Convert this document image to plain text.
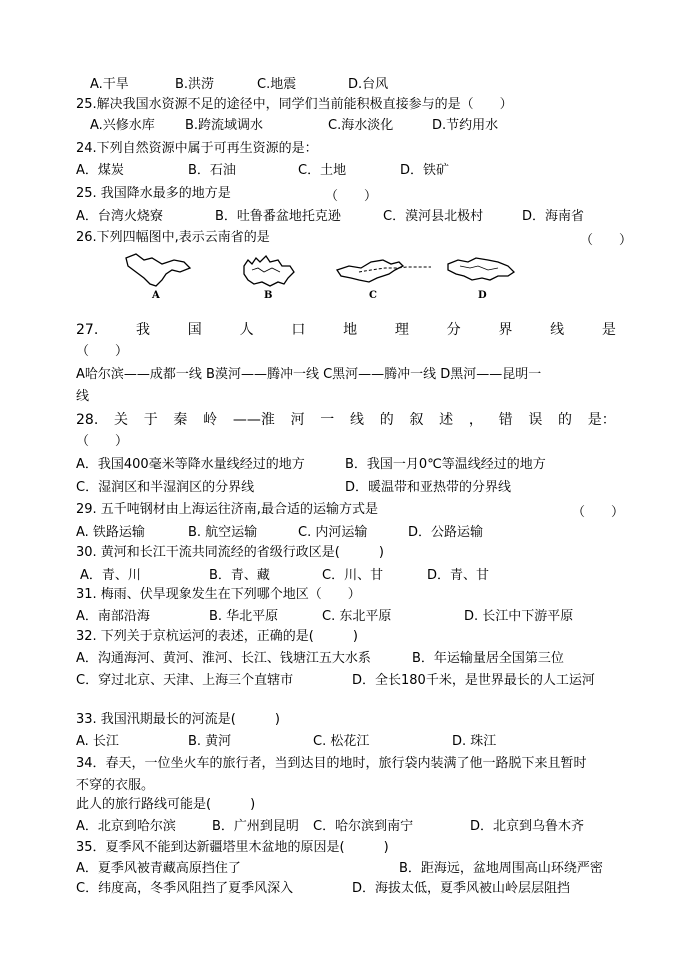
A.干旱	B.洪涝	C.地震	D.台风
25.解决我国水资源不足的途径中，同学们当前能积极直接参与的是（　　）
A.兴修水库 B.跨流域调水	C.海水淡化	D.节约用水
24.下列自然资源中属于可再生资源的是：
A．煤炭	B．石油	C．土地	D．铁矿
25. 我国降水最多的地方是	（　　）
A．台湾火烧寮	B．吐鲁番盆地托克逊	C．漠河县北极村	D．海南省
26.下列四幅图中,表示云南省的是	（　　）
A	B	C	D
27.	我	国	人	口	地	理	分	界	线	是
（　　）
A哈尔滨——成都一线 B漠河——腾冲一线 C黑河——腾冲一线 D黑河——昆明一
线
28. 关 于 秦 岭 ——淮 河 一 线 的 叙 述 ， 错 误 的 是：
（　　）
A．我国400毫米等降水量线经过的地方	B．我国一月0℃等温线经过的地方
C．湿润区和半湿润区的分界线	D．暖温带和亚热带的分界线
29. 五千吨钢材由上海运往济南,最合适的运输方式是	（　　）
A. 铁路运输	B. 航空运输	C. 内河运输	D．公路运输
30. 黄河和长江干流共同流经的省级行政区是(　　　)
A．青、川	B．青、藏	C．川、甘	D．青、甘
31. 梅雨、伏旱现象发生在下列哪个地区（　　）
A．南部沿海	B. 华北平原	C. 东北平原	D. 长江中下游平原
32. 下列关于京杭运河的表述，正确的是(　　　)
A．沟通海河、黄河、淮河、长江、钱塘江五大水系	B．年运输量居全国第三位
C．穿过北京、天津、上海三个直辖市	D．全长180千米，是世界最长的人工运河
33. 我国汛期最长的河流是(　　　)
A. 长江	B. 黄河	C. 松花江	D. 珠江
34．春天，一位坐火车的旅行者，当到达目的地时，旅行袋内装满了他一路脱下来且暂时
不穿的衣服。
此人的旅行路线可能是(　　　)
A．北京到哈尔滨	B．广州到昆明 C．哈尔滨到南宁	D．北京到乌鲁木齐
35．夏季风不能到达新疆塔里木盆地的原因是(　　　)
A．夏季风被青藏高原挡住了	B．距海远，盆地周围高山环绕严密
C．纬度高，冬季风阻挡了夏季风深入	D．海拔太低，夏季风被山岭层层阻挡
